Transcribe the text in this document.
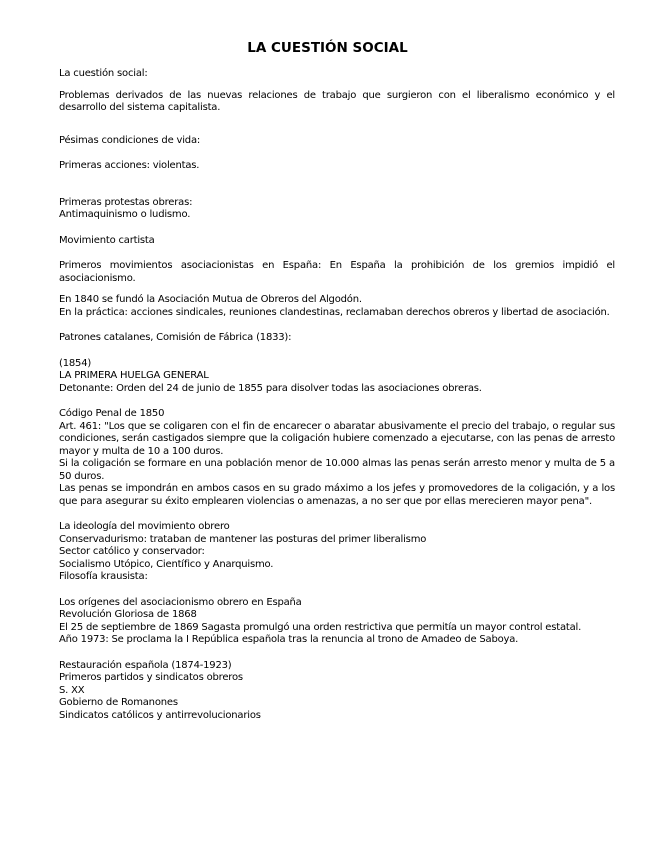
LA CUESTIÓN SOCIAL

La cuestión social:

Problemas derivados de las nuevas relaciones de trabajo que surgieron con el liberalismo económico y el desarrollo del sistema capitalista.

Pésimas condiciones de vida:

Primeras acciones: violentas.

Primeras protestas obreras:

Antimaquinismo o ludismo.

Movimiento cartista

Primeros movimientos asociacionistas en España: En España la prohibición de los gremios impidió el asociacionismo.

En 1840 se fundó la Asociación Mutua de Obreros del Algodón.

En la práctica: acciones sindicales, reuniones clandestinas, reclamaban derechos obreros y libertad de asociación.

Patrones catalanes, Comisión de Fábrica (1833):

(1854)

LA PRIMERA HUELGA GENERAL

Detonante: Orden del 24 de junio de 1855 para disolver todas las asociaciones obreras.

Código Penal de 1850

Art. 461: "Los que se coligaren con el fin de encarecer o abaratar abusivamente el precio del trabajo, o regular sus condiciones, serán castigados siempre que la coligación hubiere comenzado a ejecutarse, con las penas de arresto mayor y multa de 10 a 100 duros.

Si la coligación se formare en una población menor de 10.000 almas las penas serán arresto menor y multa de 5 a 50 duros.

Las penas se impondrán en ambos casos en su grado máximo a los jefes y promovedores de la coligación, y a los que para asegurar su éxito emplearen violencias o amenazas, a no ser que por ellas merecieren mayor pena".

La ideología del movimiento obrero

Conservadurismo: trataban de mantener las posturas del primer liberalismo

Sector católico y conservador:

Socialismo Utópico, Científico y Anarquismo.

Filosofía krausista:

Los orígenes del asociacionismo obrero en España

Revolución Gloriosa de 1868

El 25 de septiembre de 1869 Sagasta promulgó una orden restrictiva que permitía un mayor control estatal.

Año 1973: Se proclama la I República española tras la renuncia al trono de Amadeo de Saboya.

Restauración española (1874-1923)

Primeros partidos y sindicatos obreros

S. XX

Gobierno de Romanones

Sindicatos católicos y antirrevolucionarios
